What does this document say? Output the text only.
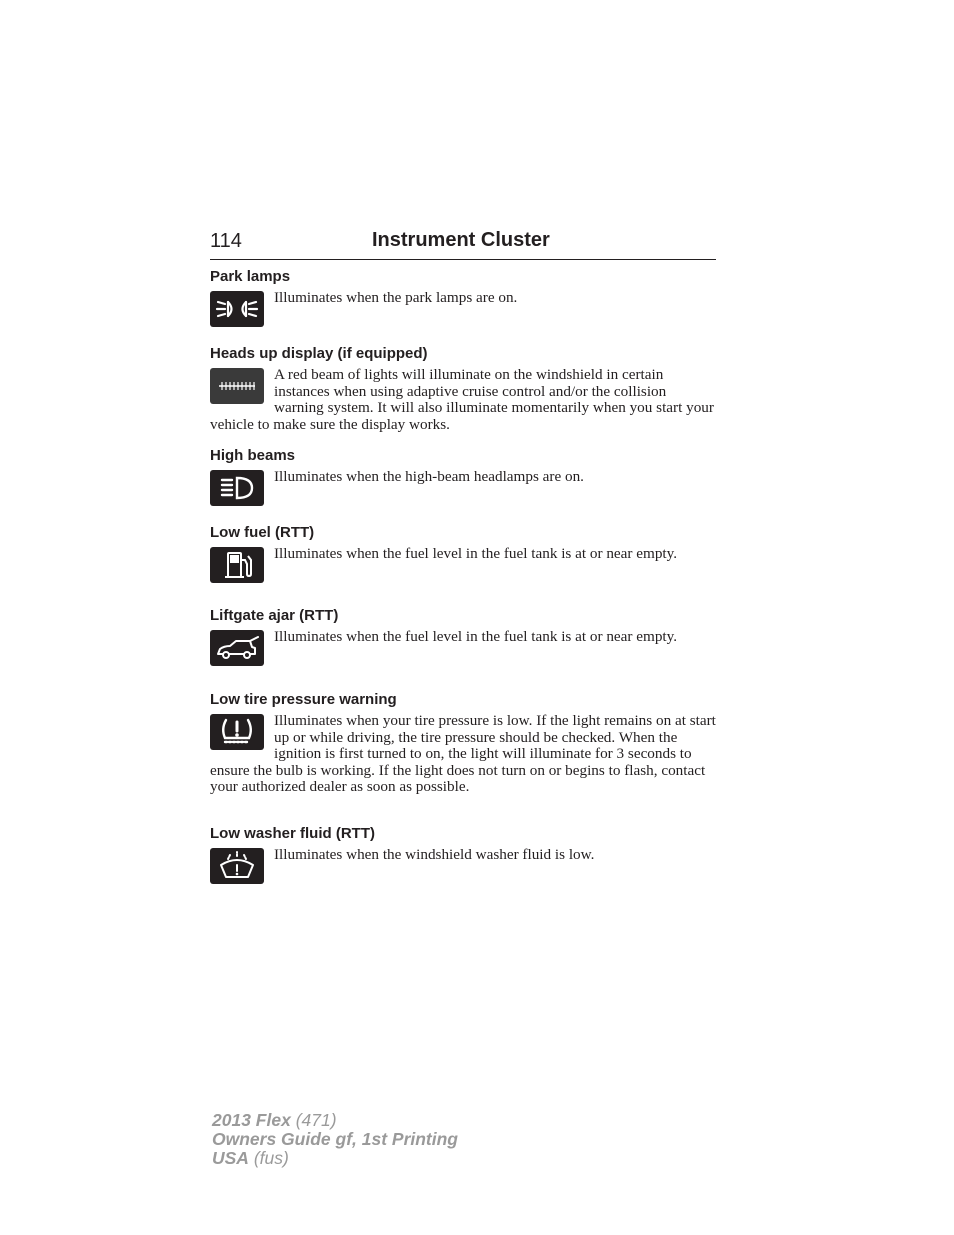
114	Instrument Cluster
Park lamps

Illuminates when the park lamps are on.

Heads up display (if equipped)

A red beam of lights will illuminate on the windshield in certain instances when using adaptive cruise control and/or the collision warning system. It will also illuminate momentarily when you start your vehicle to make sure the display works.

High beams

Illuminates when the high-beam headlamps are on.

Low fuel (RTT)

Illuminates when the fuel level in the fuel tank is at or near empty.

Liftgate ajar (RTT)

Illuminates when the fuel level in the fuel tank is at or near empty.

Low tire pressure warning

Illuminates when your tire pressure is low. If the light remains on at start up or while driving, the tire pressure should be checked. When the ignition is first turned to on, the light will illuminate for 3 seconds to ensure the bulb is working. If the light does not turn on or begins to flash, contact your authorized dealer as soon as possible.

Low washer fluid (RTT)

Illuminates when the windshield washer fluid is low.

2013 Flex (471)
Owners Guide gf, 1st Printing
USA (fus)
